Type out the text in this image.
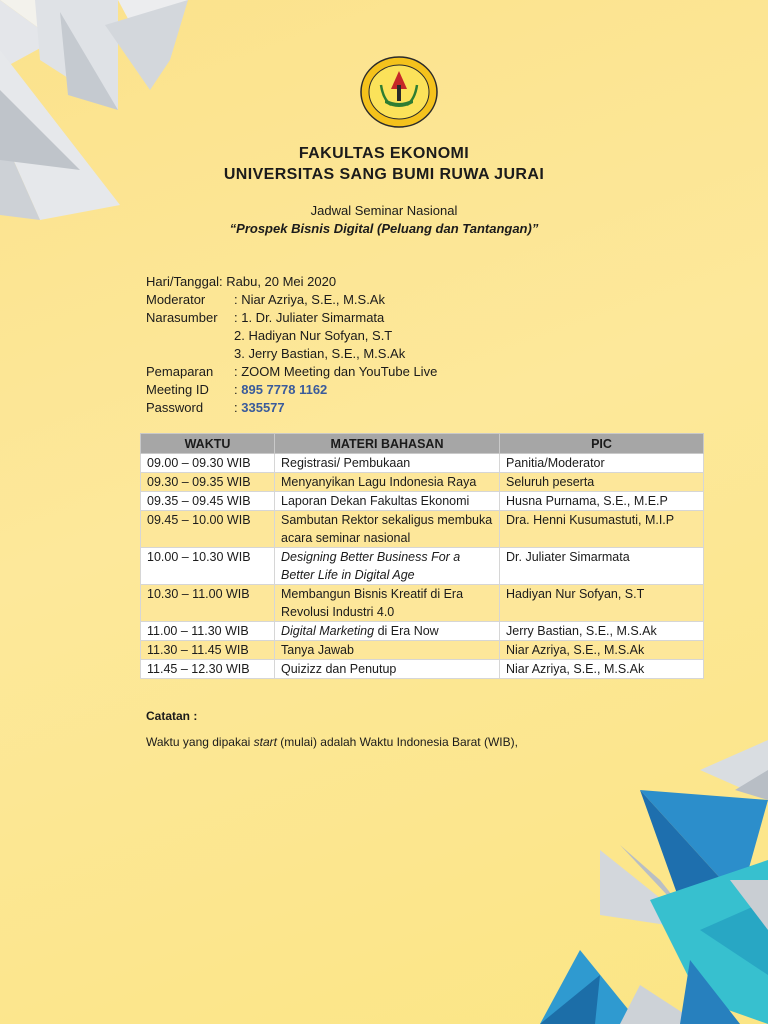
FAKULTAS EKONOMI
UNIVERSITAS SANG BUMI RUWA JURAI
Jadwal Seminar Nasional
“Prospek Bisnis Digital (Peluang dan Tantangan)”
Hari/Tanggal: Rabu, 20 Mei 2020
Moderator : Niar Azriya, S.E., M.S.Ak
Narasumber : 1. Dr. Juliater Simarmata
2. Hadiyan Nur Sofyan, S.T
3. Jerry Bastian, S.E., M.S.Ak
Pemaparan : ZOOM Meeting dan YouTube Live
Meeting ID : 895 7778 1162
Password : 335577
WAKTU	MATERI BAHASAN	PIC
09.00 – 09.30 WIB	Registrasi/ Pembukaan	Panitia/Moderator
09.30 – 09.35 WIB	Menyanyikan Lagu Indonesia Raya	Seluruh peserta
09.35 – 09.45 WIB	Laporan Dekan Fakultas Ekonomi	Husna Purnama, S.E., M.E.P
09.45 – 10.00 WIB	Sambutan Rektor sekaligus membuka acara seminar nasional	Dra. Henni Kusumastuti, M.I.P
10.00 – 10.30 WIB	Designing Better Business For a Better Life in Digital Age	Dr. Juliater Simarmata
10.30 – 11.00 WIB	Membangun Bisnis Kreatif di Era Revolusi Industri 4.0	Hadiyan Nur Sofyan, S.T
11.00 – 11.30 WIB	Digital Marketing di Era Now	Jerry Bastian, S.E., M.S.Ak
11.30 – 11.45 WIB	Tanya Jawab	Niar Azriya, S.E., M.S.Ak
11.45 – 12.30 WIB	Quizizz dan Penutup	Niar Azriya, S.E., M.S.Ak
Catatan :
Waktu yang dipakai start (mulai) adalah Waktu Indonesia Barat (WIB),
